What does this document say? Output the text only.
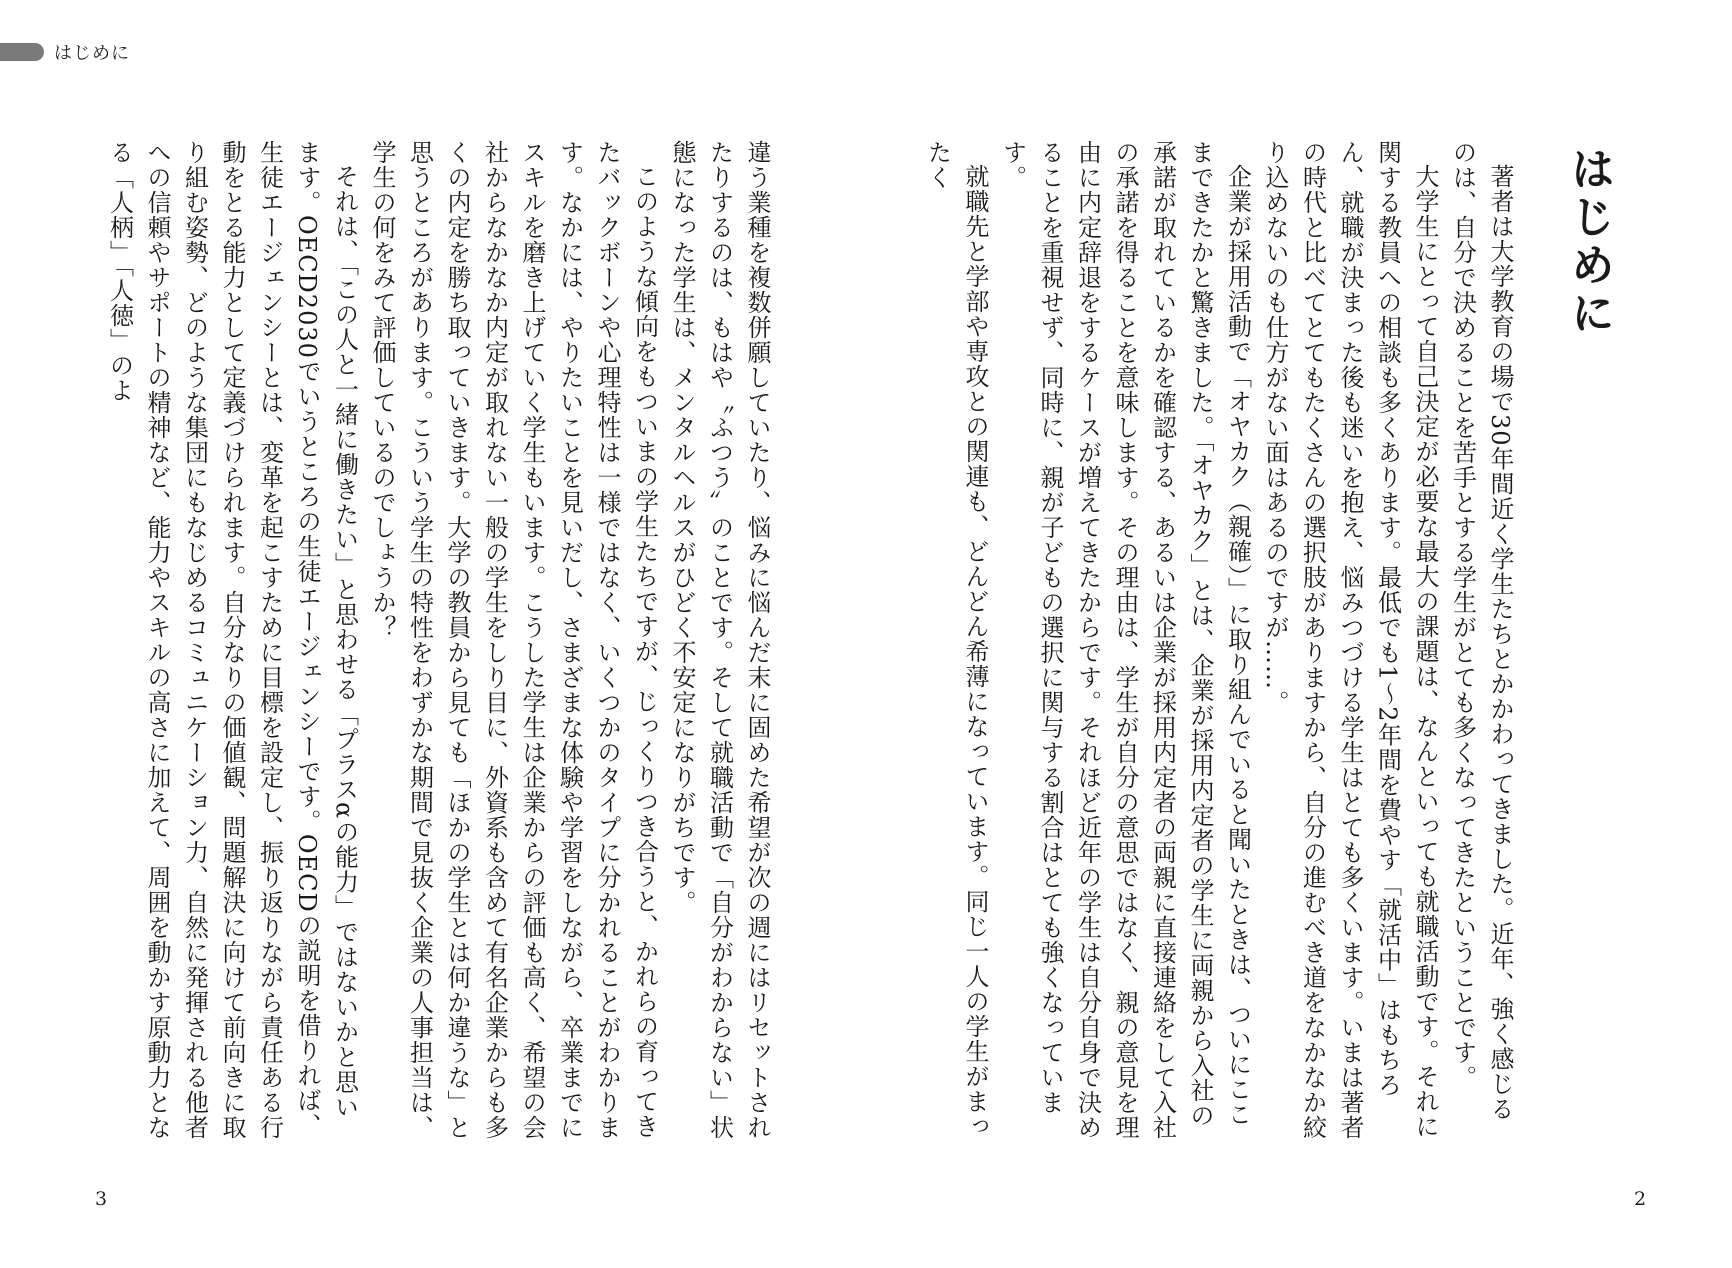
はじめに
はじめに

著者は大学教育の場で30年間近く学生たちとかかわってきました。近年、強く感じるのは、自分で決めることを苦手とする学生がとても多くなってきたということです。

大学生にとって自己決定が必要な最大の課題は、なんといっても就職活動です。それに関する教員への相談も多くあります。最低でも1～2年間を費やす「就活中」はもちろん、就職が決まった後も迷いを抱え、悩みつづける学生はとても多くいます。いまは著者の時代と比べてとてもたくさんの選択肢がありますから、自分の進むべき道をなかなか絞り込めないのも仕方がない面はあるのですが……。

企業が採用活動で「オヤカク（親確）」に取り組んでいると聞いたときは、ついにここまできたかと驚きました。「オヤカク」とは、企業が採用内定者の学生に両親から入社の承諾が取れているかを確認する、あるいは企業が採用内定者の両親に直接連絡をして入社の承諾を得ることを意味します。その理由は、学生が自分の意思ではなく、親の意見を理由に内定辞退をするケースが増えてきたからです。それほど近年の学生は自分自身で決めることを重視せず、同時に、親が子どもの選択に関与する割合はとても強くなっています。

就職先と学部や専攻との関連も、どんどん希薄になっています。同じ一人の学生がまったく

違う業種を複数併願していたり、悩みに悩んだ末に固めた希望が次の週にはリセットされたりするのは、もはや〝ふつう〟のことです。そして就職活動で「自分がわからない」状態になった学生は、メンタルヘルスがひどく不安定になりがちです。

このような傾向をもついまの学生たちですが、じっくりつき合うと、かれらの育ってきたバックボーンや心理特性は一様ではなく、いくつかのタイプに分かれることがわかります。なかには、やりたいことを見いだし、さまざまな体験や学習をしながら、卒業までにスキルを磨き上げていく学生もいます。こうした学生は企業からの評価も高く、希望の会社からなかなか内定が取れない一般の学生をしり目に、外資系も含めて有名企業からも多くの内定を勝ち取っていきます。大学の教員から見ても「ほかの学生とは何か違うな」と思うところがあります。こういう学生の特性をわずかな期間で見抜く企業の人事担当は、学生の何をみて評価しているのでしょうか？

それは、「この人と一緒に働きたい」と思わせる「プラスαの能力」ではないかと思います。OECD2030でいうところの生徒エージェンシーです。OECDの説明を借りれば、生徒エージェンシーとは、変革を起こすために目標を設定し、振り返りながら責任ある行動をとる能力として定義づけられます。自分なりの価値観、問題解決に向けて前向きに取り組む姿勢、どのような集団にもなじめるコミュニケーション力、自然に発揮される他者への信頼やサポートの精神など、能力やスキルの高さに加えて、周囲を動かす原動力となる「人柄」「人徳」のよ

2
3
